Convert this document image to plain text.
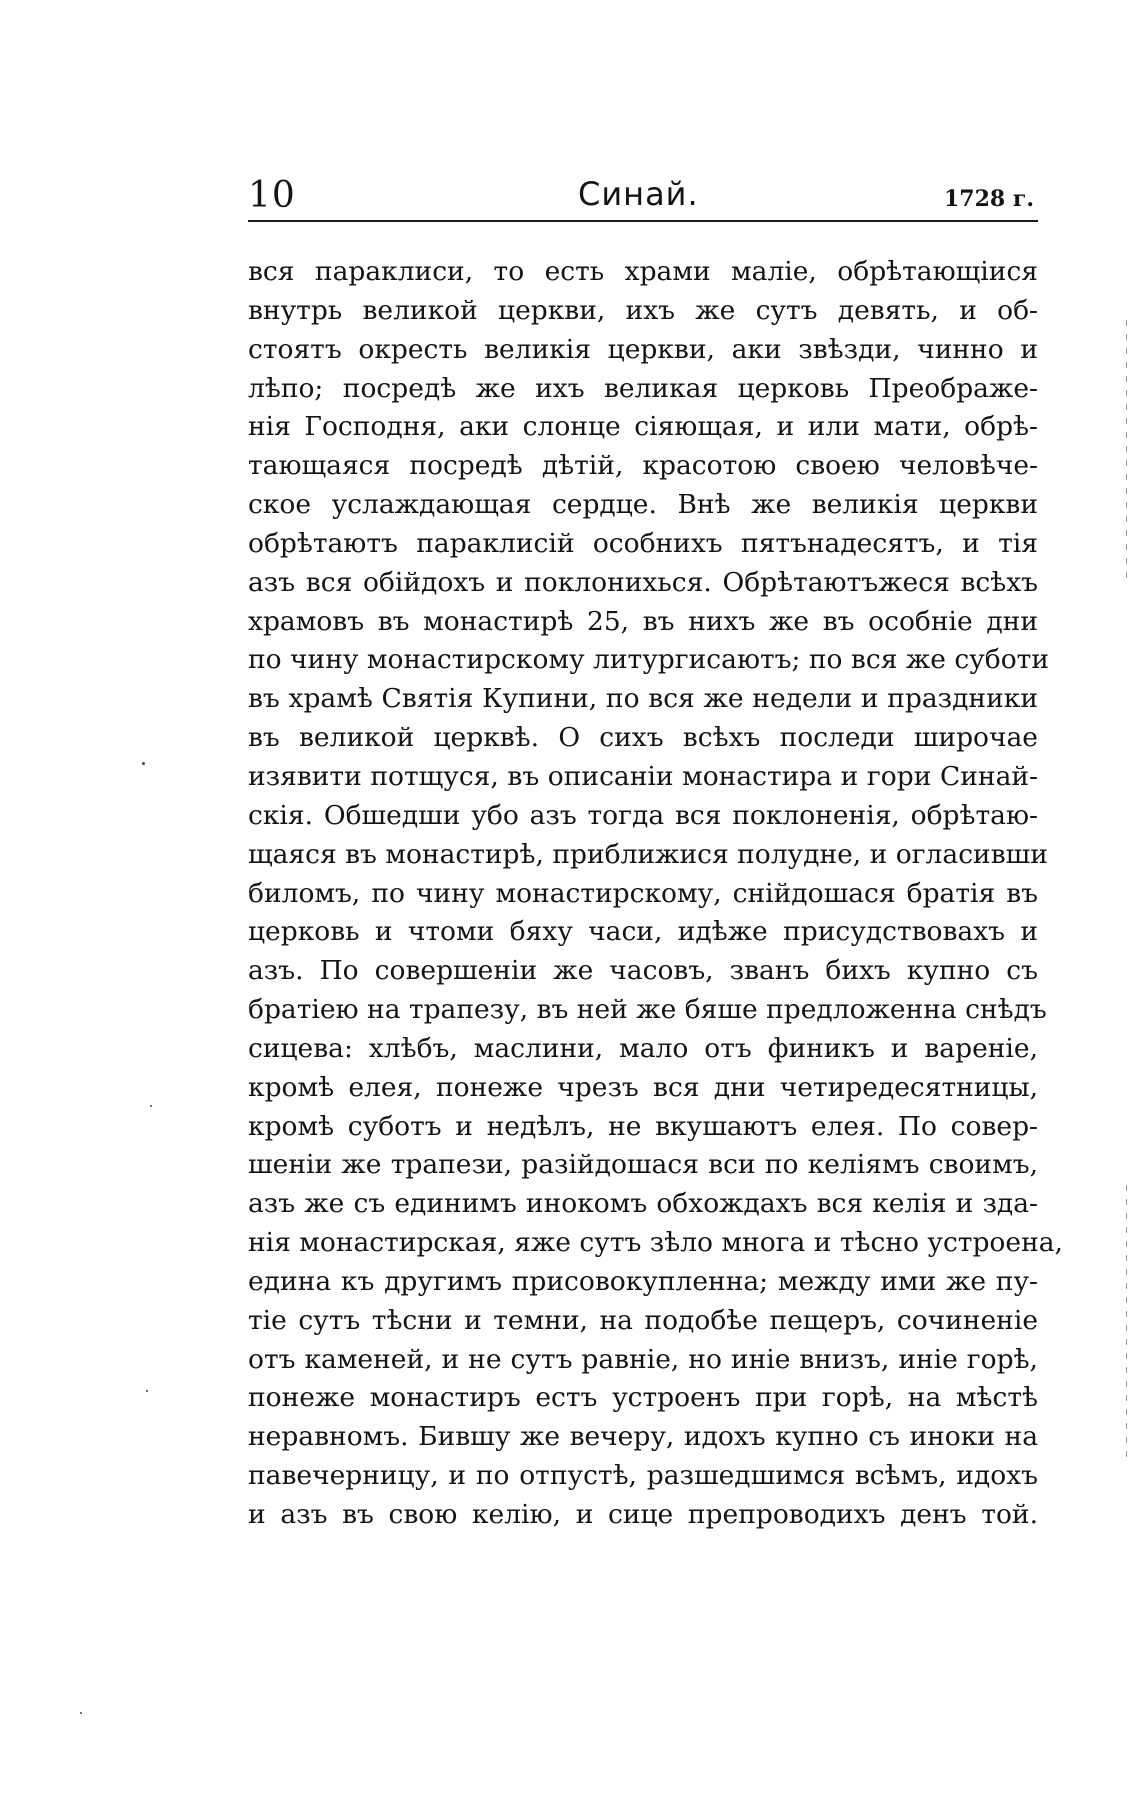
10	Синай.	1728 г.
вся параклиси, то есть храми малiе, обрѣтающiися
внутрь великой церкви, ихъ же сутъ девять, и об-
стоятъ окресть великiя церкви, аки звѣзди, чинно и
лѣпо; посредѣ же ихъ великая церковь Преображе-
нiя Господня, аки слонце сiяющая, и или мати, обрѣ-
тающаяся посредѣ дѣтiй, красотою своею человѣче-
ское услаждающая сердце. Внѣ же великiя церкви
обрѣтаютъ параклисiй особнихъ пятънадесятъ, и тiя
азъ вся обiйдохъ и поклонихься. Обрѣтаютъжеся всѣхъ
храмовъ въ монастирѣ 25, въ нихъ же въ особнiе дни
по чину монастирскому литургисаютъ; по вся же суботи
въ храмѣ Святiя Купини, по вся же недели и праздники
въ великой церквѣ. О сихъ всѣхъ последи широчае
изявити потщуся, въ описанiи монастира и гори Синай-
скiя. Обшедши убо азъ тогда вся поклоненiя, обрѣтаю-
щаяся въ монастирѣ, приближися полудне, и огласивши
биломъ, по чину монастирскому, снiйдошася братiя въ
церковь и чтоми бяху часи, идѣже присудствовахъ и
азъ. По совершенiи же часовъ, званъ бихъ купно съ
братiею на трапезу, въ ней же бяше предложенна снѣдъ
сицева: хлѣбъ, маслини, мало отъ финикъ и варенiе,
кромѣ елея, понеже чрезъ вся дни четиредесятницы,
кромѣ суботъ и недѣлъ, не вкушаютъ елея. По совер-
шенiи же трапези, разiйдошася вси по келiямъ своимъ,
азъ же съ единимъ инокомъ обхождахъ вся келiя и зда-
нiя монастирская, яже сутъ зѣло многа и тѣсно устроена,
едина къ другимъ присовокупленна; между ими же пу-
тiе сутъ тѣсни и темни, на подобѣе пещеръ, сочиненiе
отъ каменей, и не сутъ равнiе, но инiе внизъ, инiе горѣ,
понеже монастиръ естъ устроенъ при горѣ, на мѣстѣ
неравномъ. Бившу же вечеру, идохъ купно съ иноки на
павечерницу, и по отпустѣ, разшедшимся всѣмъ, идохъ
и азъ въ свою келiю, и сице препроводихъ денъ той.
